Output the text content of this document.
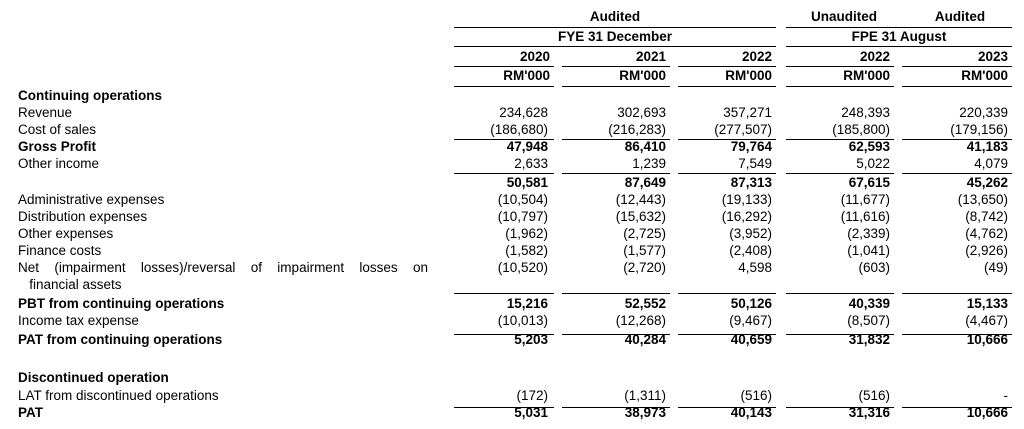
Audited	Unaudited	Audited
FYE 31 December	FPE 31 August
2020	2021	2022	2022	2023
RM'000	RM'000	RM'000	RM'000	RM'000
Continuing operations
Revenue	234,628	302,693	357,271	248,393	220,339
Cost of sales	(186,680)	(216,283)	(277,507)	(185,800)	(179,156)
Gross Profit	47,948	86,410	79,764	62,593	41,183
Other income	2,633	1,239	7,549	5,022	4,079
50,581	87,649	87,313	67,615	45,262
Administrative expenses	(10,504)	(12,443)	(19,133)	(11,677)	(13,650)
Distribution expenses	(10,797)	(15,632)	(16,292)	(11,616)	(8,742)
Other expenses	(1,962)	(2,725)	(3,952)	(2,339)	(4,762)
Finance costs	(1,582)	(1,577)	(2,408)	(1,041)	(2,926)
Net (impairment losses)/reversal of impairment losses on	(10,520)	(2,720)	4,598	(603)	(49)
financial assets
PBT from continuing operations	15,216	52,552	50,126	40,339	15,133
Income tax expense	(10,013)	(12,268)	(9,467)	(8,507)	(4,467)
PAT from continuing operations	5,203	40,284	40,659	31,832	10,666
Discontinued operation
LAT from discontinued operations	(172)	(1,311)	(516)	(516)	-
PAT	5,031	38,973	40,143	31,316	10,666
